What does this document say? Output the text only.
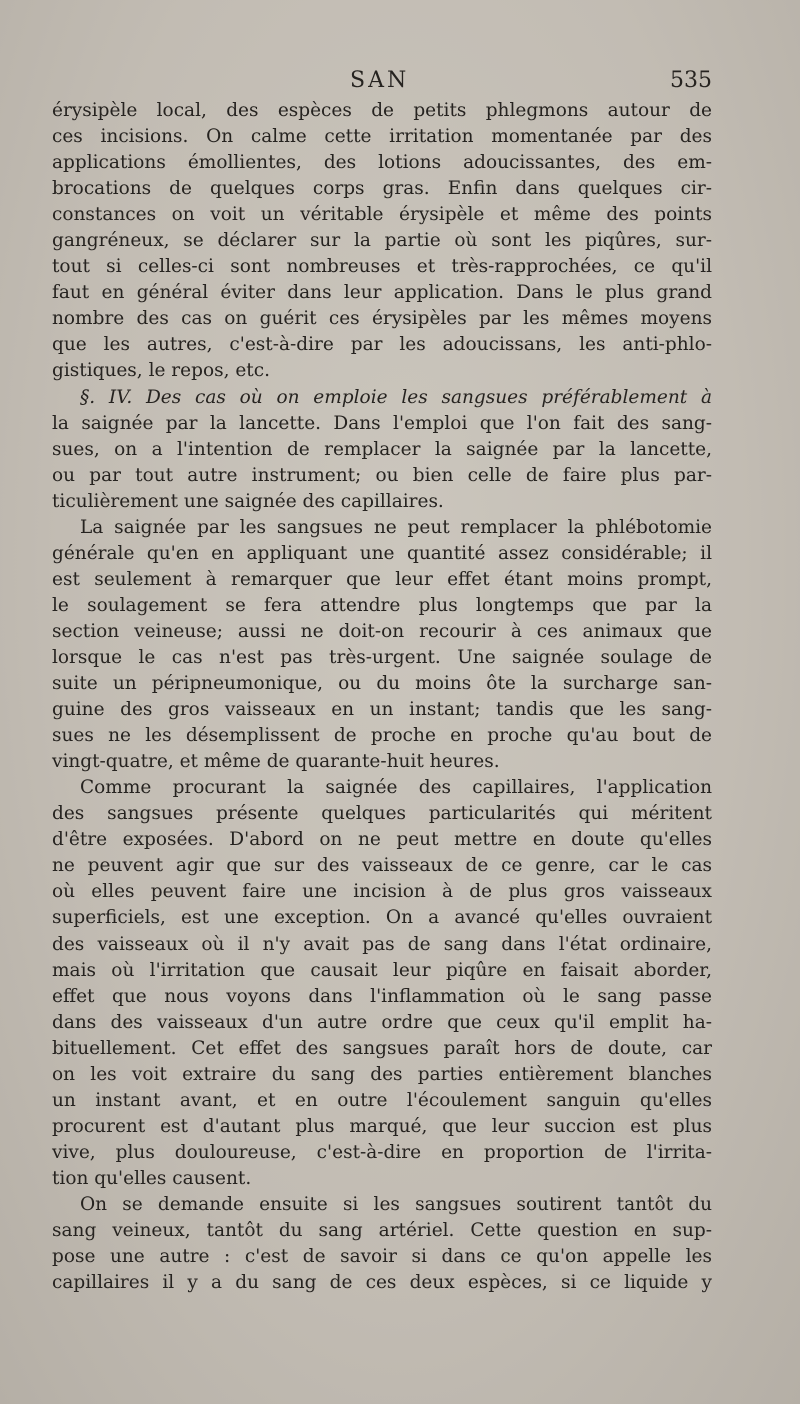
SAN	535
érysipèle local, des espèces de petits phlegmons autour de
ces incisions. On calme cette irritation momentanée par des
applications émollientes, des lotions adoucissantes, des em-
brocations de quelques corps gras. Enfin dans quelques cir-
constances on voit un véritable érysipèle et même des points
gangréneux, se déclarer sur la partie où sont les piqûres, sur-
tout si celles-ci sont nombreuses et très-rapprochées, ce qu'il
faut en général éviter dans leur application. Dans le plus grand
nombre des cas on guérit ces érysipèles par les mêmes moyens
que les autres, c'est-à-dire par les adoucissans, les anti-phlo-
gistiques, le repos, etc.
§. IV. Des cas où on emploie les sangsues préférablement à
la saignée par la lancette. Dans l'emploi que l'on fait des sang-
sues, on a l'intention de remplacer la saignée par la lancette,
ou par tout autre instrument; ou bien celle de faire plus par-
ticulièrement une saignée des capillaires.
La saignée par les sangsues ne peut remplacer la phlébotomie
générale qu'en en appliquant une quantité assez considérable; il
est seulement à remarquer que leur effet étant moins prompt,
le soulagement se fera attendre plus longtemps que par la
section veineuse; aussi ne doit-on recourir à ces animaux que
lorsque le cas n'est pas très-urgent. Une saignée soulage de
suite un péripneumonique, ou du moins ôte la surcharge san-
guine des gros vaisseaux en un instant; tandis que les sang-
sues ne les désemplissent de proche en proche qu'au bout de
vingt-quatre, et même de quarante-huit heures.
Comme procurant la saignée des capillaires, l'application
des sangsues présente quelques particularités qui méritent
d'être exposées. D'abord on ne peut mettre en doute qu'elles
ne peuvent agir que sur des vaisseaux de ce genre, car le cas
où elles peuvent faire une incision à de plus gros vaisseaux
superficiels, est une exception. On a avancé qu'elles ouvraient
des vaisseaux où il n'y avait pas de sang dans l'état ordinaire,
mais où l'irritation que causait leur piqûre en faisait aborder,
effet que nous voyons dans l'inflammation où le sang passe
dans des vaisseaux d'un autre ordre que ceux qu'il emplit ha-
bituellement. Cet effet des sangsues paraît hors de doute, car
on les voit extraire du sang des parties entièrement blanches
un instant avant, et en outre l'écoulement sanguin qu'elles
procurent est d'autant plus marqué, que leur succion est plus
vive, plus douloureuse, c'est-à-dire en proportion de l'irrita-
tion qu'elles causent.
On se demande ensuite si les sangsues soutirent tantôt du
sang veineux, tantôt du sang artériel. Cette question en sup-
pose une autre : c'est de savoir si dans ce qu'on appelle les
capillaires il y a du sang de ces deux espèces, si ce liquide y
